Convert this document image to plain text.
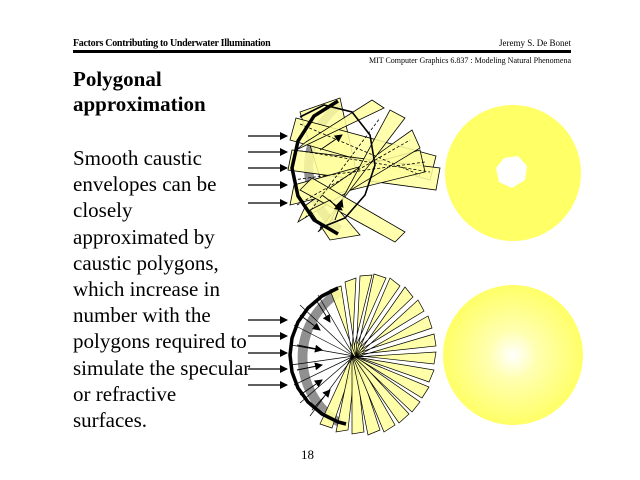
Factors Contributing to Underwater Illumination	Jeremy S. De Bonet
MIT Computer Graphics 6.837 : Modeling Natural Phenomena
Polygonal
approximation
Smooth caustic envelopes can be closely approximated by caustic polygons, which increase in number with the polygons required to simulate the specular or refractive surfaces.
18
